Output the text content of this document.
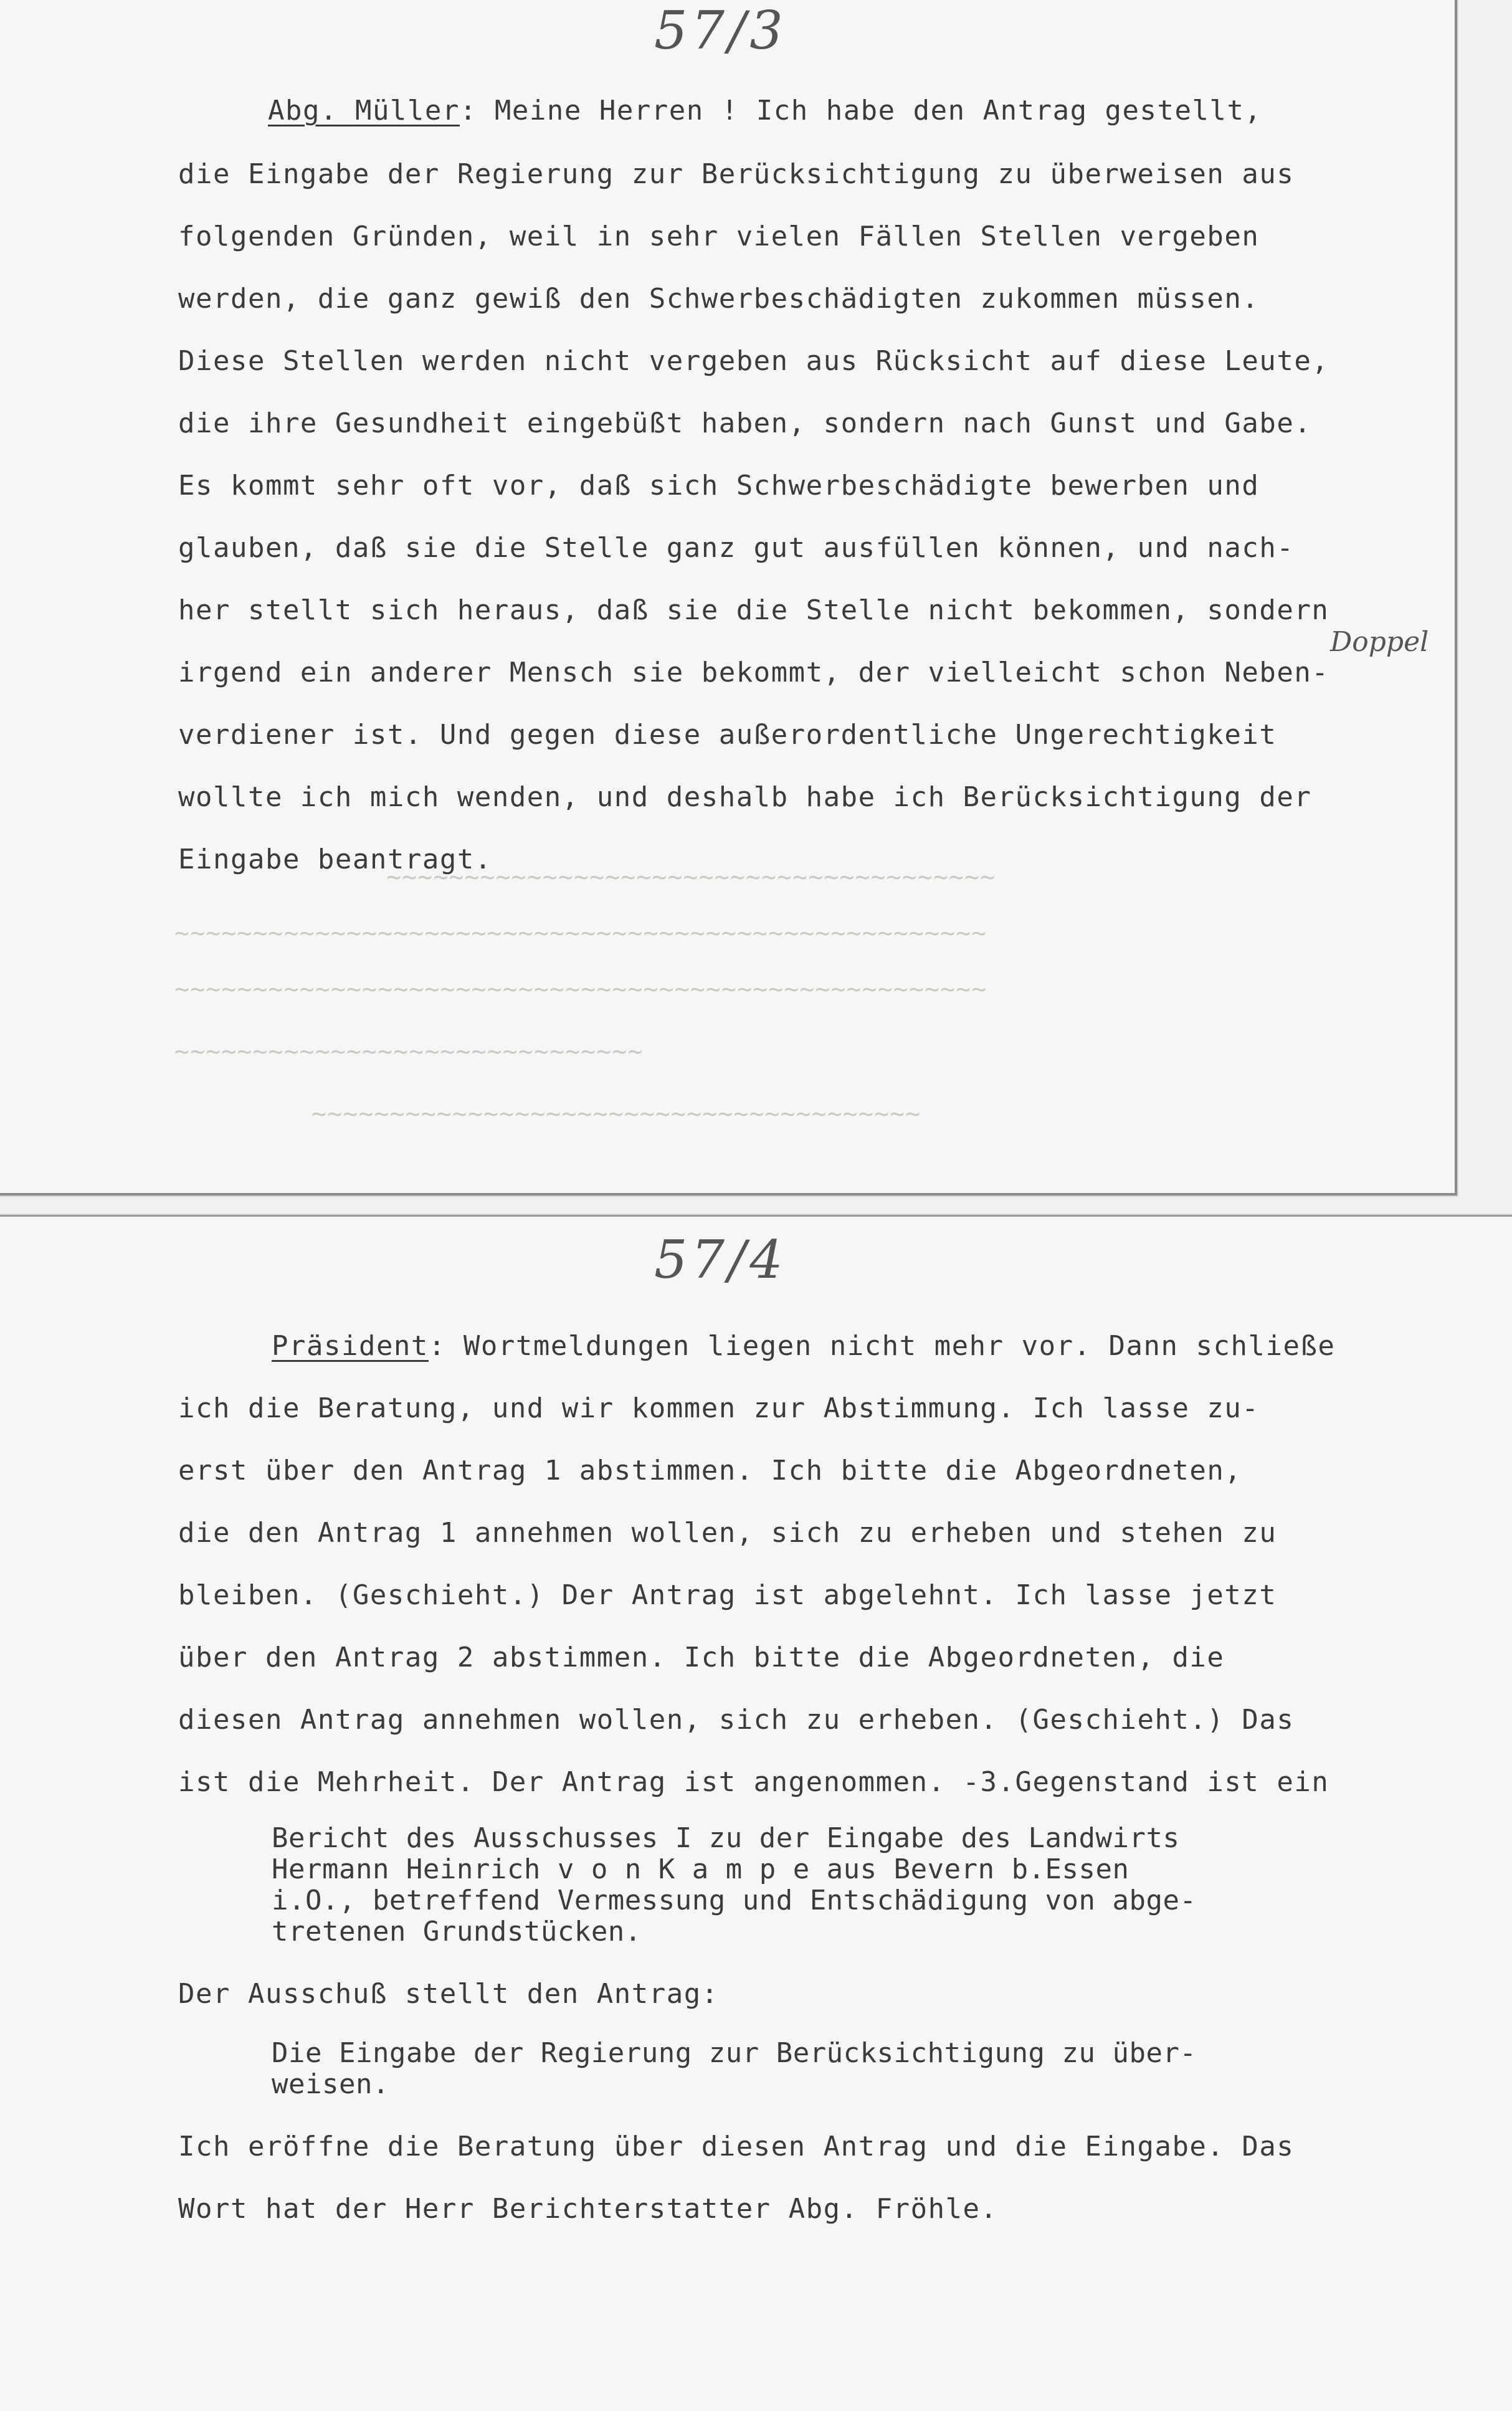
57/3
~~~~~~~~~~~~~~~~~~~~~~~~~~~~~~~~~~~~~~~
~~~~~~~~~~~~~~~~~~~~~~~~~~~~~~~~~~~~~~~~~~~~~~~~~~~~
~~~~~~~~~~~~~~~~~~~~~~~~~~~~~~~~~~~~~~~~~~~~~~~~~~~~
~~~~~~~~~~~~~~~~~~~~~~~~~~~~~~
~~~~~~~~~~~~~~~~~~~~~~~~~~~~~~~~~~~~~~~
Abg. Müller: Meine Herren ! Ich habe den Antrag gestellt,
die Eingabe der Regierung zur Berücksichtigung zu überweisen aus
folgenden Gründen, weil in sehr vielen Fällen Stellen vergeben
werden, die ganz gewiß den Schwerbeschädigten zukommen müssen.
Diese Stellen werden nicht vergeben aus Rücksicht auf diese Leute,
die ihre Gesundheit eingebüßt haben, sondern nach Gunst und Gabe.
Es kommt sehr oft vor, daß sich Schwerbeschädigte bewerben und
glauben, daß sie die Stelle ganz gut ausfüllen können, und nach-
her stellt sich heraus, daß sie die Stelle nicht bekommen, sondern
irgend ein anderer Mensch sie bekommt, der vielleicht schon Neben-
verdiener ist. Und gegen diese außerordentliche Ungerechtigkeit
wollte ich mich wenden, und deshalb habe ich Berücksichtigung der
Eingabe beantragt.
Doppel
57/4
Präsident: Wortmeldungen liegen nicht mehr vor. Dann schließe
ich die Beratung, und wir kommen zur Abstimmung. Ich lasse zu-
erst über den Antrag 1 abstimmen. Ich bitte die Abgeordneten,
die den Antrag 1 annehmen wollen, sich zu erheben und stehen zu
bleiben. (Geschieht.) Der Antrag ist abgelehnt. Ich lasse jetzt
über den Antrag 2 abstimmen. Ich bitte die Abgeordneten, die
diesen Antrag annehmen wollen, sich zu erheben. (Geschieht.) Das
ist die Mehrheit. Der Antrag ist angenommen. -3.Gegenstand ist ein
Bericht des Ausschusses I zu der Eingabe des Landwirts
Hermann Heinrich v o n K a m p e aus Bevern b.Essen
i.O., betreffend Vermessung und Entschädigung von abge-
tretenen Grundstücken.
Der Ausschuß stellt den Antrag:
Die Eingabe der Regierung zur Berücksichtigung zu über-
weisen.
Ich eröffne die Beratung über diesen Antrag und die Eingabe. Das
Wort hat der Herr Berichterstatter Abg. Fröhle.
